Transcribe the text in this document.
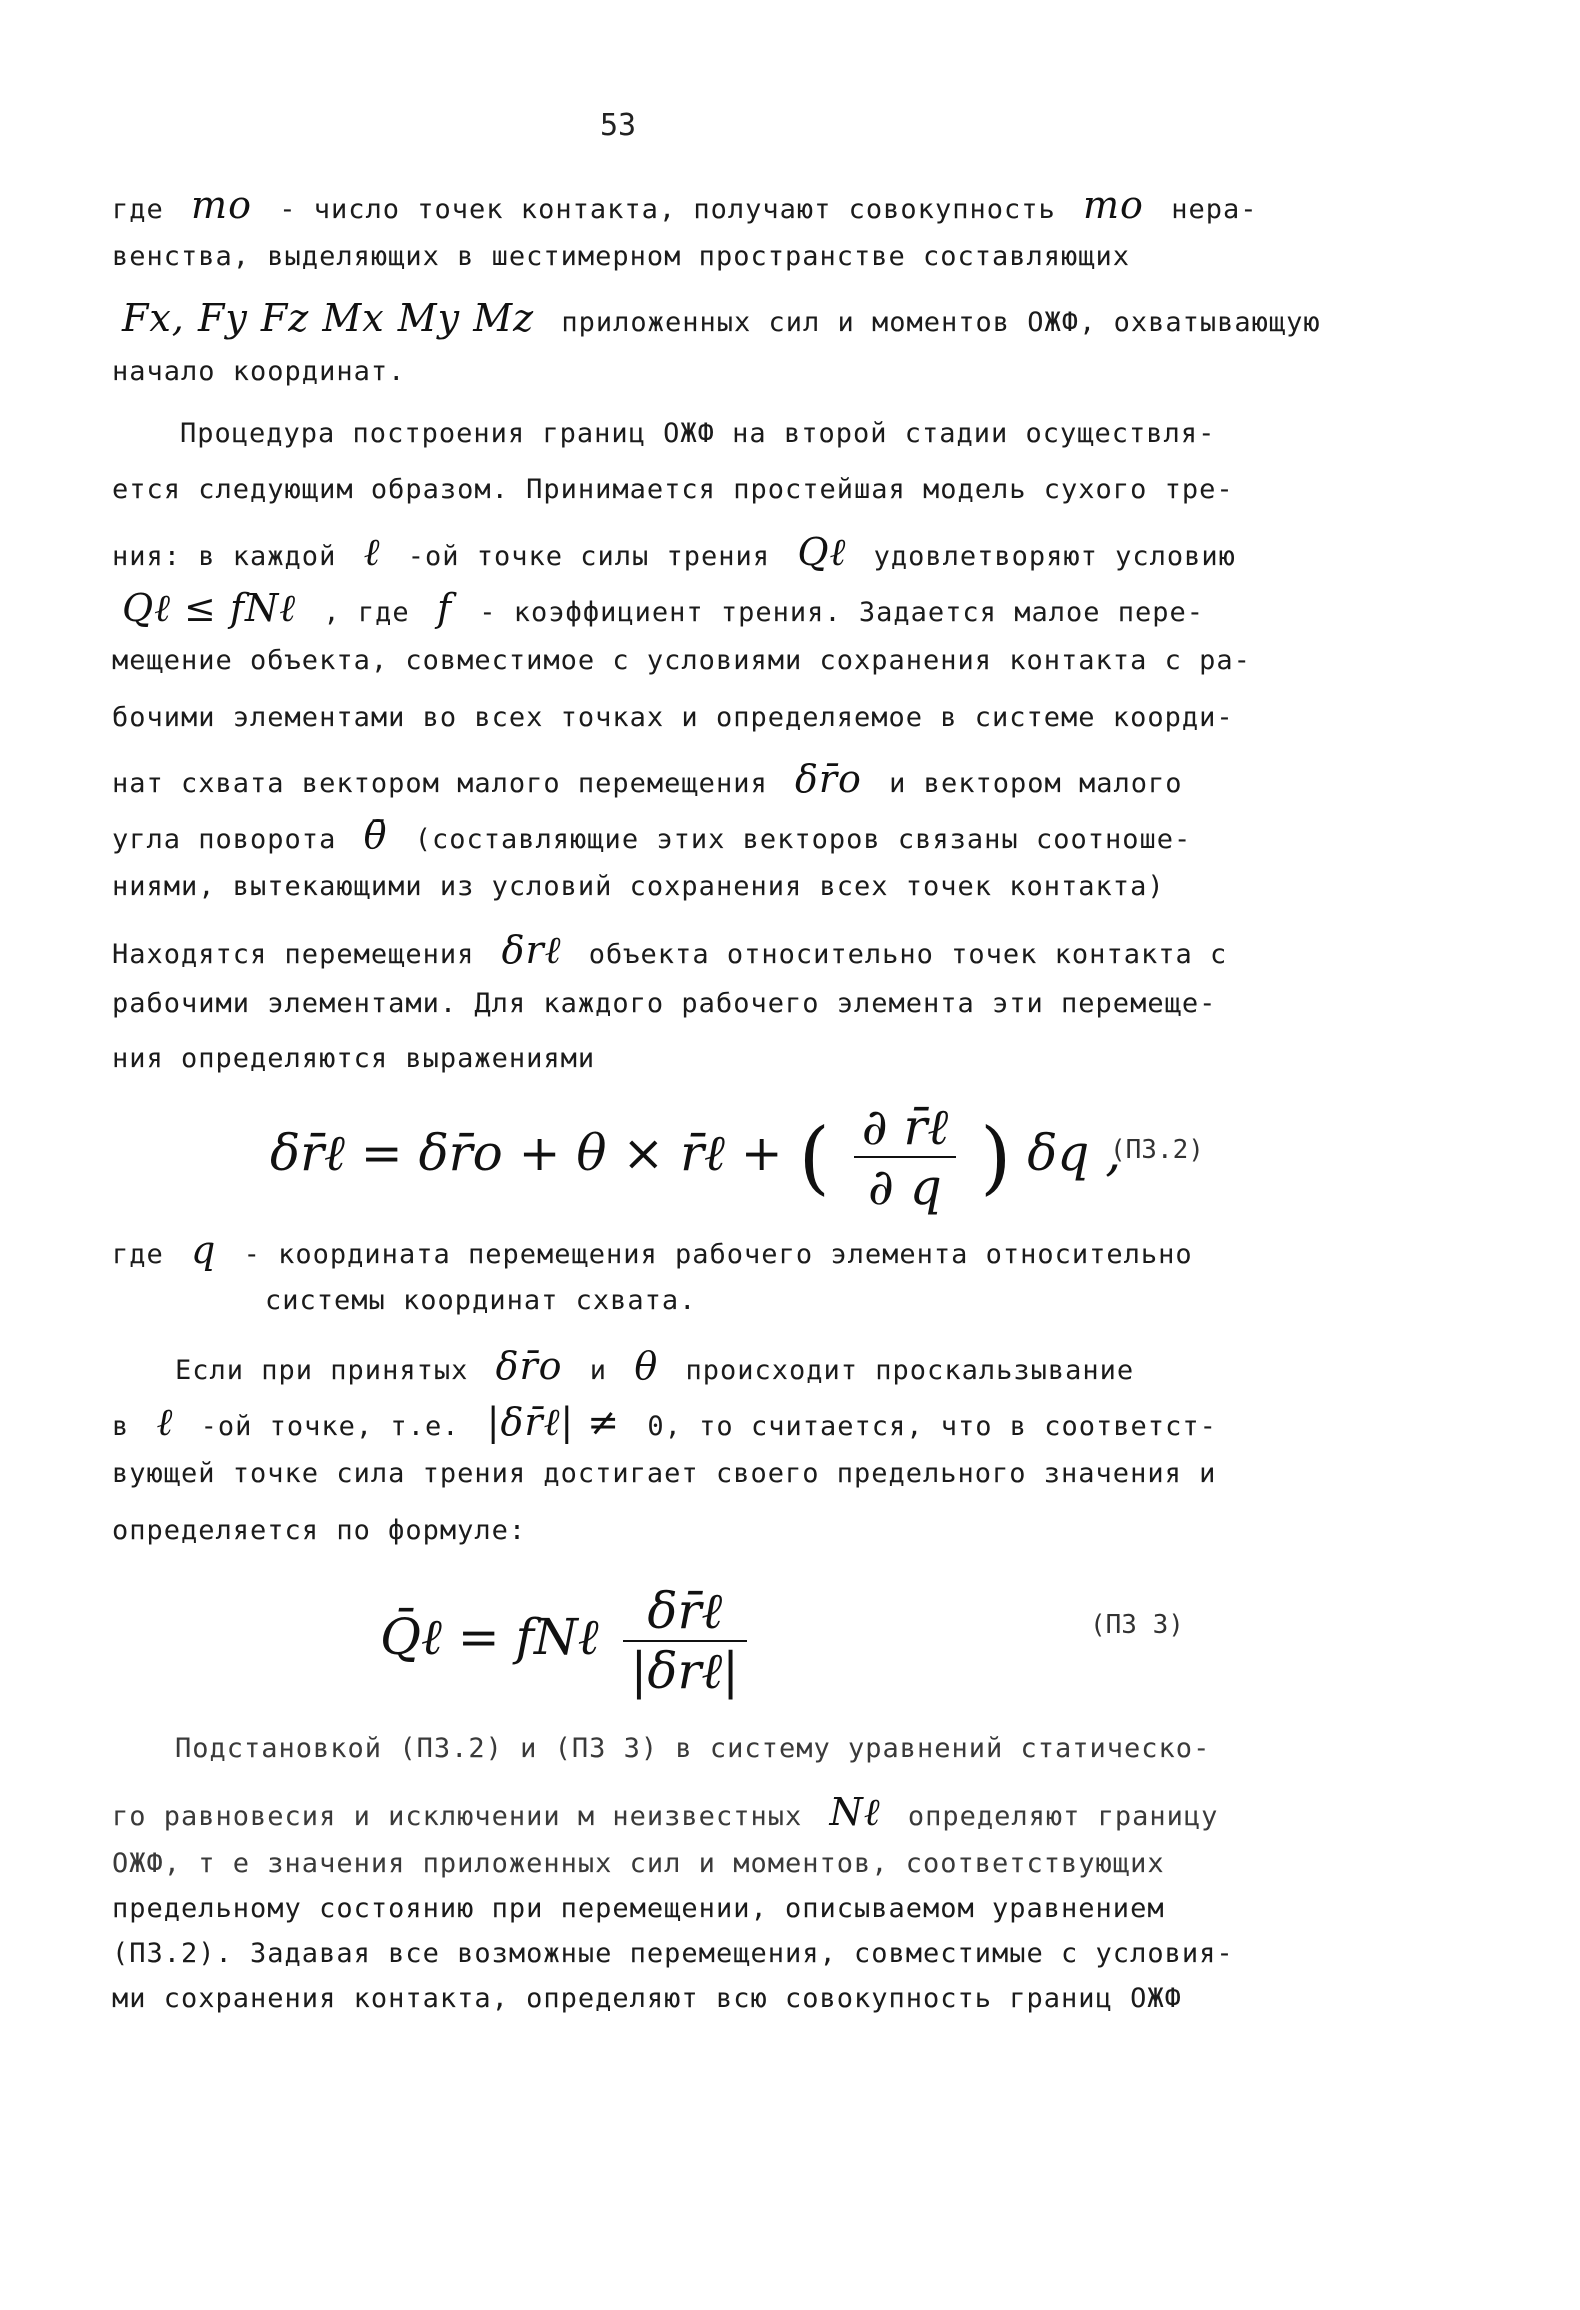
53
где mo - число точек контакта, получают совокупность mo нера-
венства, выделяющих в шестимерном пространстве составляющих
Fx, Fy Fz Mx My Mz приложенных сил и моментов ОЖФ, охватывающую
начало координат.
Процедура построения границ ОЖФ на второй стадии осуществля-
ется следующим образом. Принимается простейшая модель сухого тре-
ния: в каждой ℓ -ой точке силы трения Qℓ удовлетворяют условию
Qℓ ≤ fNℓ , где f - коэффициент трения. Задается малое пере-
мещение объекта, совместимое с условиями сохранения контакта с ра-
бочими элементами во всех точках и определяемое в системе коорди-
нат схвата вектором малого перемещения δr̄o и вектором малого
угла поворота θ̄ (составляющие этих векторов связаны соотноше-
ниями, вытекающими из условий сохранения всех точек контакта)
Находятся перемещения δrℓ объекта относительно точек контакта с
рабочими элементами. Для каждого рабочего элемента эти перемеще-
ния определяются выражениями
δr̄ℓ = δr̄o + θ × r̄ℓ + ( $\frac{\text{∂ r̄ℓ}}{\partial q}$ ) δq ,
(ПЗ.2)
где q - координата перемещения рабочего элемента относительно
системы координат схвата.
Если при принятых δr̄o и θ происходит проскальзывание
в ℓ -ой точке, т.е. |δr̄ℓ| ≠ 0, то считается, что в соответст-
вующей точке сила трения достигает своего предельного значения и
определяется по формуле:
Q̄ℓ = fNℓ $\frac{\text{δr̄ℓ}}{\text{|δrℓ|}}$	(ПЗ 3)
Подстановкой (ПЗ.2) и (ПЗ 3) в систему уравнений статическо-
го равновесия и исключении м неизвестных Nℓ определяют границу
ОЖФ, т е значения приложенных сил и моментов, соответствующих
предельному состоянию при перемещении, описываемом уравнением
(ПЗ.2). Задавая все возможные перемещения, совместимые с условия-
ми сохранения контакта, определяют всю совокупность границ ОЖФ
